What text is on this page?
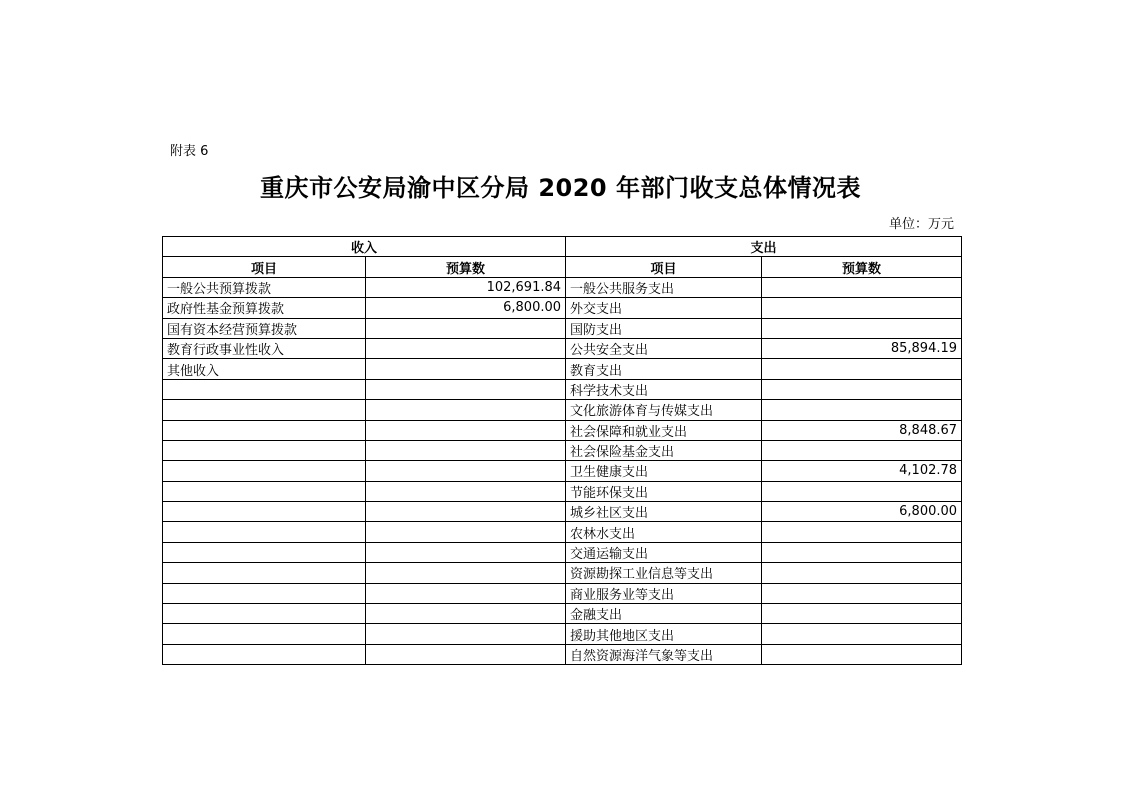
附表 6
重庆市公安局渝中区分局 2020 年部门收支总体情况表
单位：万元
收入		支出	
项目	预算数	项目	预算数
一般公共预算拨款	102,691.84	一般公共服务支出	
政府性基金预算拨款	6,800.00	外交支出	
国有资本经营预算拨款		国防支出	
教育行政事业性收入		公共安全支出	85,894.19
其他收入		教育支出	
		科学技术支出	
		文化旅游体育与传媒支出	
		社会保障和就业支出	8,848.67
		社会保险基金支出	
		卫生健康支出	4,102.78
		节能环保支出	
		城乡社区支出	6,800.00
		农林水支出	
		交通运输支出	
		资源勘探工业信息等支出	
		商业服务业等支出	
		金融支出	
		援助其他地区支出	
		自然资源海洋气象等支出	
